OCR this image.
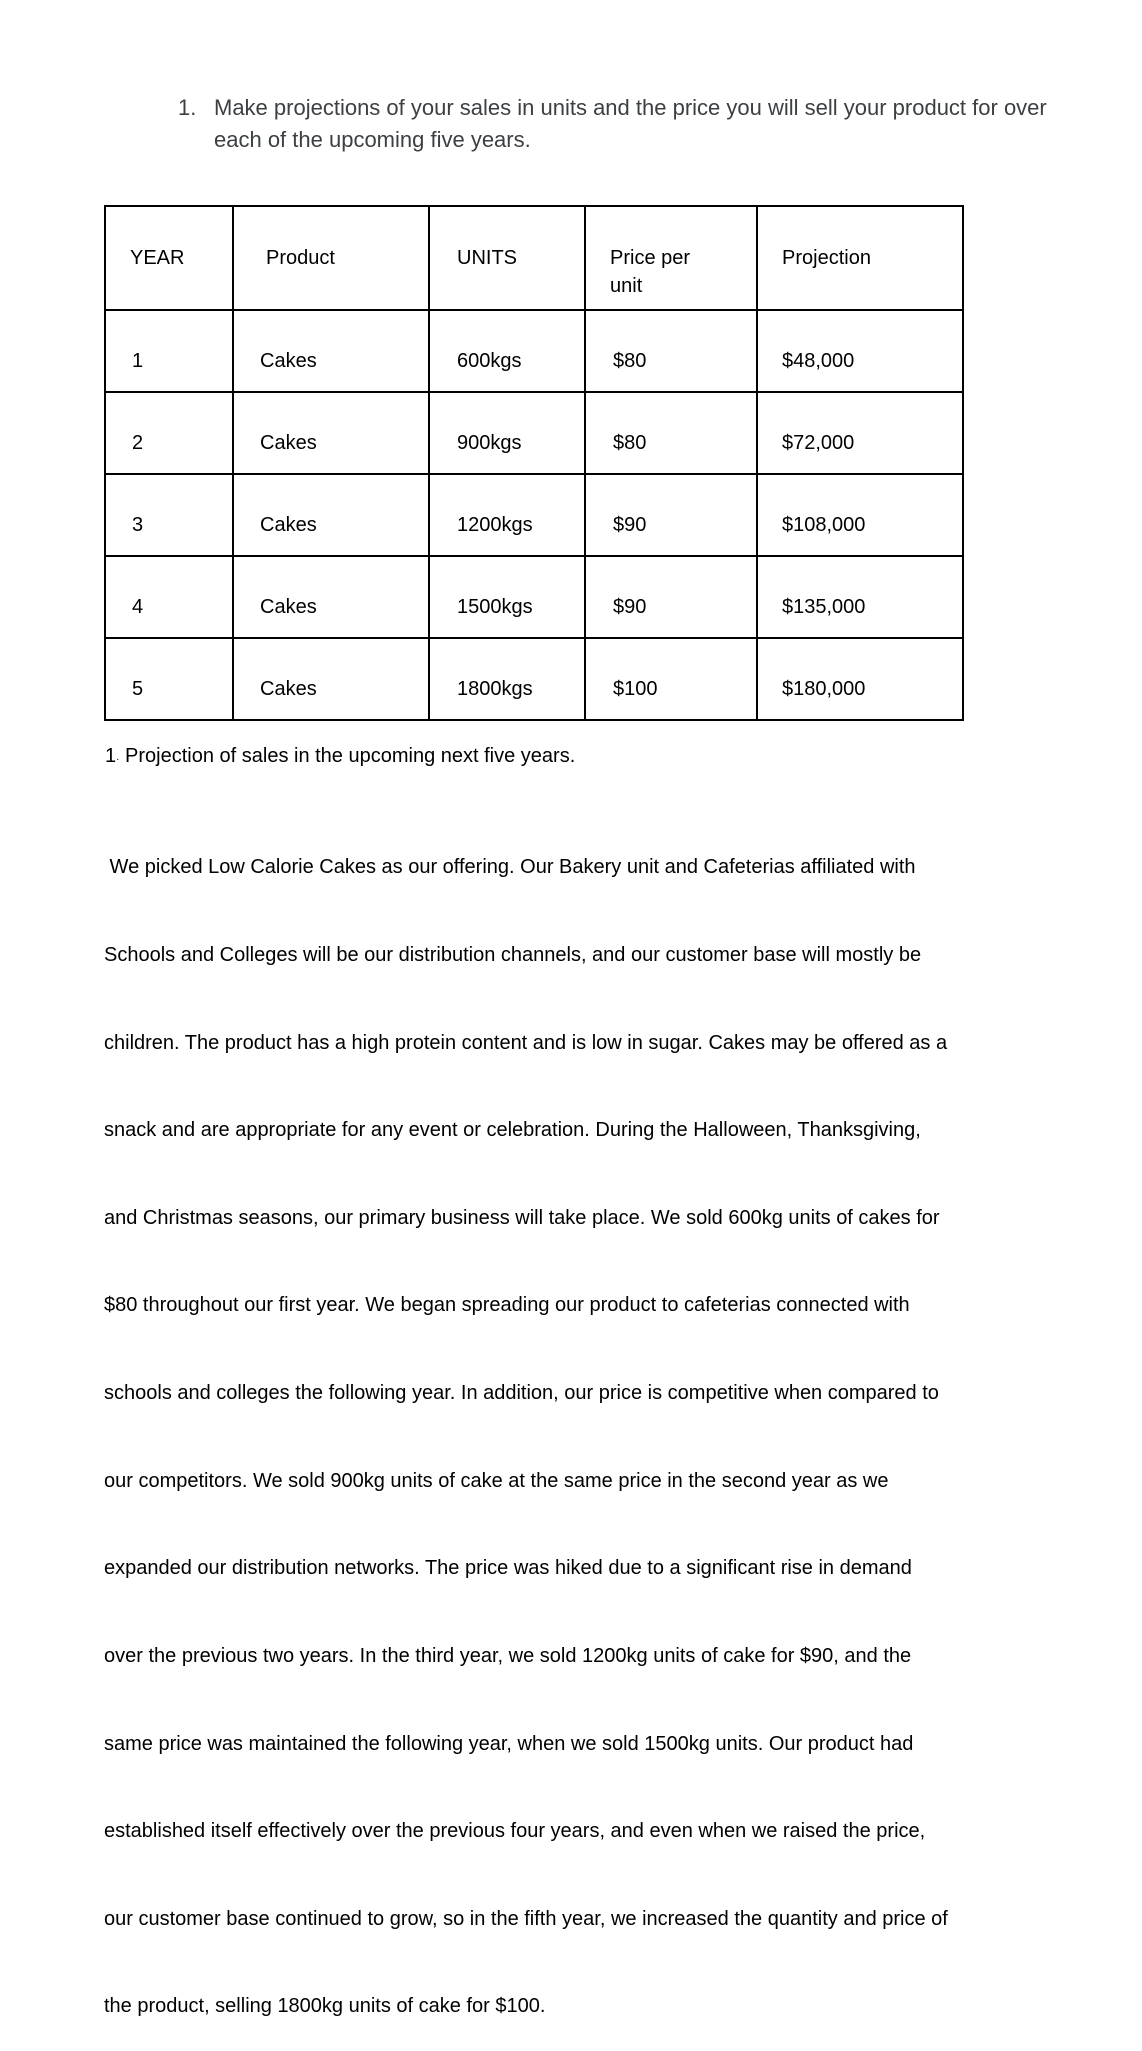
1. Make projections of your sales in units and the price you will sell your product for over each of the upcoming five years.
YEAR	Product	UNITS	Price per unit	Projection
1	Cakes	600kgs	$80	$48,000
2	Cakes	900kgs	$80	$72,000
3	Cakes	1200kgs	$90	$108,000
4	Cakes	1500kgs	$90	$135,000
5	Cakes	1800kgs	$100	$180,000
1· Projection of sales in the upcoming next five years.

We picked Low Calorie Cakes as our offering. Our Bakery unit and Cafeterias affiliated with

Schools and Colleges will be our distribution channels, and our customer base will mostly be

children. The product has a high protein content and is low in sugar. Cakes may be offered as a

snack and are appropriate for any event or celebration. During the Halloween, Thanksgiving,

and Christmas seasons, our primary business will take place. We sold 600kg units of cakes for

$80 throughout our first year. We began spreading our product to cafeterias connected with

schools and colleges the following year. In addition, our price is competitive when compared to

our competitors. We sold 900kg units of cake at the same price in the second year as we

expanded our distribution networks. The price was hiked due to a significant rise in demand

over the previous two years. In the third year, we sold 1200kg units of cake for $90, and the

same price was maintained the following year, when we sold 1500kg units. Our product had

established itself effectively over the previous four years, and even when we raised the price,

our customer base continued to grow, so in the fifth year, we increased the quantity and price of

the product, selling 1800kg units of cake for $100.
